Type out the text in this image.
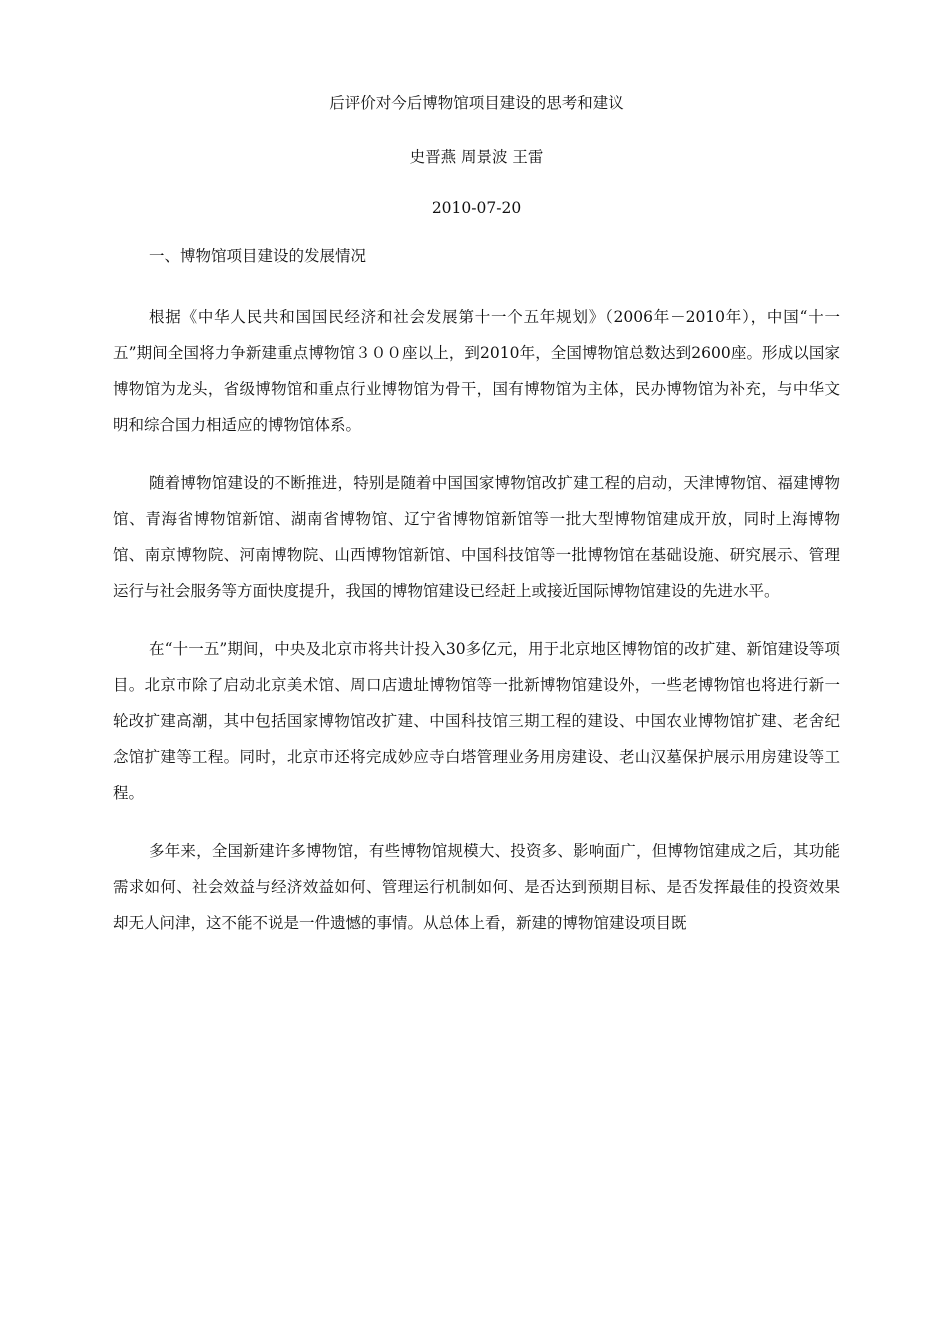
后评价对今后博物馆项目建设的思考和建议

史晋燕 周景波 王雷

2010-07-20

一、博物馆项目建设的发展情况

根据《中华人民共和国国民经济和社会发展第十一个五年规划》（2006年－2010年），中国“十一五”期间全国将力争新建重点博物馆３００座以上，到2010年，全国博物馆总数达到2600座。形成以国家博物馆为龙头，省级博物馆和重点行业博物馆为骨干，国有博物馆为主体，民办博物馆为补充，与中华文明和综合国力相适应的博物馆体系。

随着博物馆建设的不断推进，特别是随着中国国家博物馆改扩建工程的启动，天津博物馆、福建博物馆、青海省博物馆新馆、湖南省博物馆、辽宁省博物馆新馆等一批大型博物馆建成开放，同时上海博物馆、南京博物院、河南博物院、山西博物馆新馆、中国科技馆等一批博物馆在基础设施、研究展示、管理运行与社会服务等方面快度提升，我国的博物馆建设已经赶上或接近国际博物馆建设的先进水平。

在“十一五”期间，中央及北京市将共计投入30多亿元，用于北京地区博物馆的改扩建、新馆建设等项目。北京市除了启动北京美术馆、周口店遗址博物馆等一批新博物馆建设外，一些老博物馆也将进行新一轮改扩建高潮，其中包括国家博物馆改扩建、中国科技馆三期工程的建设、中国农业博物馆扩建、老舍纪念馆扩建等工程。同时，北京市还将完成妙应寺白塔管理业务用房建设、老山汉墓保护展示用房建设等工程。

多年来，全国新建许多博物馆，有些博物馆规模大、投资多、影响面广，但博物馆建成之后，其功能需求如何、社会效益与经济效益如何、管理运行机制如何、是否达到预期目标、是否发挥最佳的投资效果却无人问津，这不能不说是一件遗憾的事情。从总体上看，新建的博物馆建设项目既
